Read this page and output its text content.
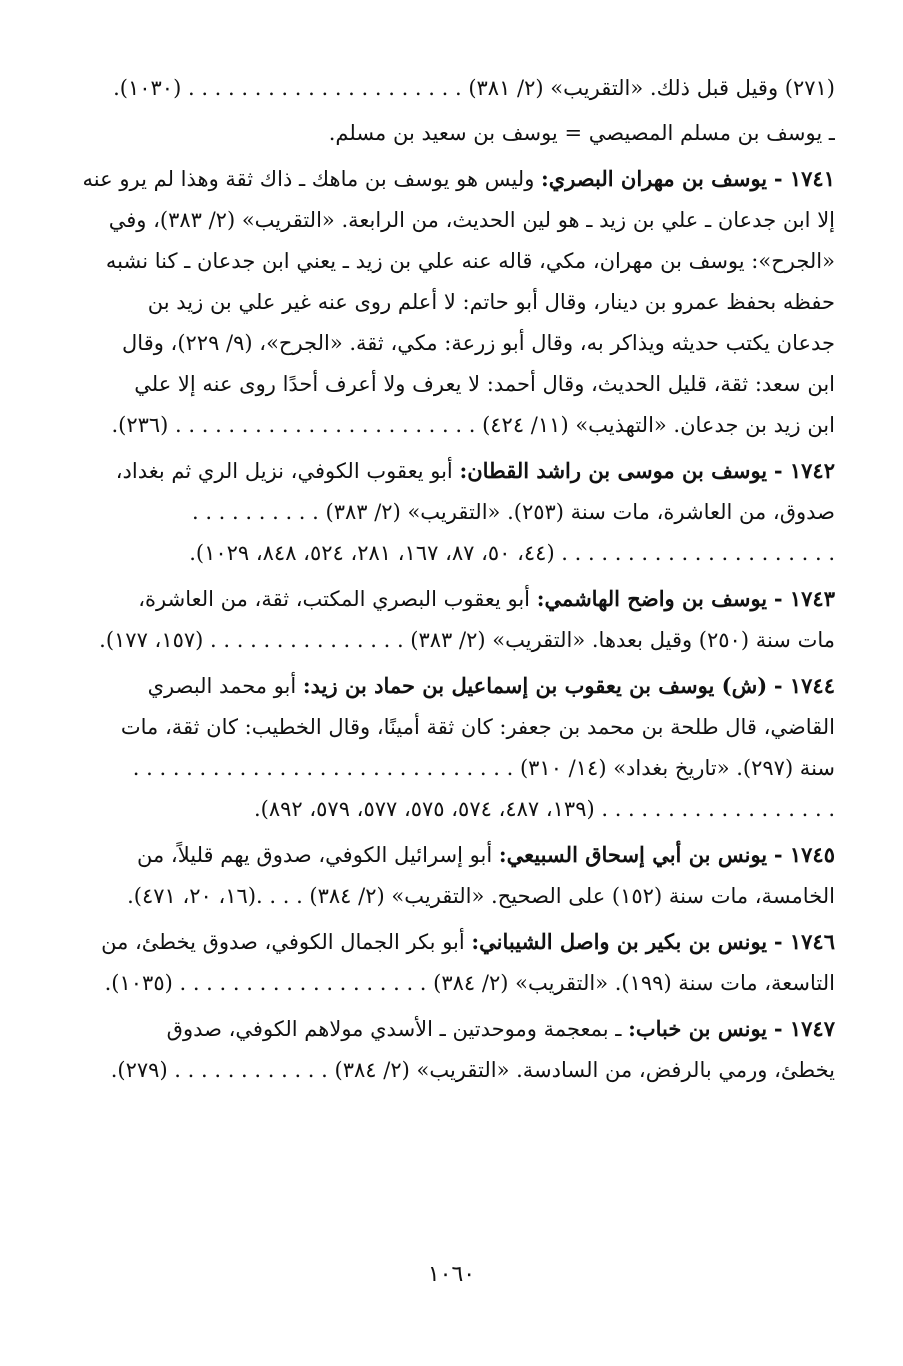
(٢٧١) وقيل قبل ذلك. «التقريب» (٢/ ٣٨١) . . . . . . . . . . . . . . . . . . . . . (١٠٣٠).
ـ يوسف بن مسلم المصيصي = يوسف بن سعيد بن مسلم.
١٧٤١ - يوسف بن مهران البصري: وليس هو يوسف بن ماهك ـ ذاك ثقة وهذا لم يرو عنه
إلا ابن جدعان ـ علي بن زيد ـ هو لين الحديث، من الرابعة. «التقريب» (٢/ ٣٨٣)، وفي
«الجرح»: يوسف بن مهران، مكي، قاله عنه علي بن زيد ـ يعني ابن جدعان ـ كنا نشبه
حفظه بحفظ عمرو بن دينار، وقال أبو حاتم: لا أعلم روى عنه غير علي بن زيد بن
جدعان يكتب حديثه ويذاكر به، وقال أبو زرعة: مكي، ثقة. «الجرح»، (٩/ ٢٢٩)، وقال
ابن سعد: ثقة، قليل الحديث، وقال أحمد: لا يعرف ولا أعرف أحدًا روى عنه إلا علي
ابن زيد بن جدعان. «التهذيب» (١١/ ٤٢٤) . . . . . . . . . . . . . . . . . . . . . . . (٢٣٦).
١٧٤٢ - يوسف بن موسى بن راشد القطان: أبو يعقوب الكوفي، نزيل الري ثم بغداد،
صدوق، من العاشرة، مات سنة (٢٥٣). «التقريب» (٢/ ٣٨٣) . . . . . . . . . .
. . . . . . . . . . . . . . . . . . . . . (٤٤، ٥٠، ٨٧، ١٦٧، ٢٨١، ٥٢٤، ٨٤٨، ١٠٢٩).
١٧٤٣ - يوسف بن واضح الهاشمي: أبو يعقوب البصري المكتب، ثقة، من العاشرة،
مات سنة (٢٥٠) وقيل بعدها. «التقريب» (٢/ ٣٨٣) . . . . . . . . . . . . . . . (١٥٧، ١٧٧).
١٧٤٤ - (ش) يوسف بن يعقوب بن إسماعيل بن حماد بن زيد: أبو محمد البصري
القاضي، قال طلحة بن محمد بن جعفر: كان ثقة أمينًا، وقال الخطيب: كان ثقة، مات
سنة (٢٩٧). «تاريخ بغداد» (١٤/ ٣١٠) . . . . . . . . . . . . . . . . . . . . . . . . . . . . .
. . . . . . . . . . . . . . . . . . (١٣٩، ٤٨٧، ٥٧٤، ٥٧٥، ٥٧٧، ٥٧٩، ٨٩٢).
١٧٤٥ - يونس بن أبي إسحاق السبيعي: أبو إسرائيل الكوفي، صدوق يهم قليلاً، من
الخامسة، مات سنة (١٥٢) على الصحيح. «التقريب» (٢/ ٣٨٤) . . . .(١٦، ٢٠، ٤٧١).
١٧٤٦ - يونس بن بكير بن واصل الشيباني: أبو بكر الجمال الكوفي، صدوق يخطئ، من
التاسعة، مات سنة (١٩٩). «التقريب» (٢/ ٣٨٤) . . . . . . . . . . . . . . . . . . . (١٠٣٥).
١٧٤٧ - يونس بن خباب: ـ بمعجمة وموحدتين ـ الأسدي مولاهم الكوفي، صدوق
يخطئ، ورمي بالرفض، من السادسة. «التقريب» (٢/ ٣٨٤) . . . . . . . . . . . . (٢٧٩).
١٠٦٠
